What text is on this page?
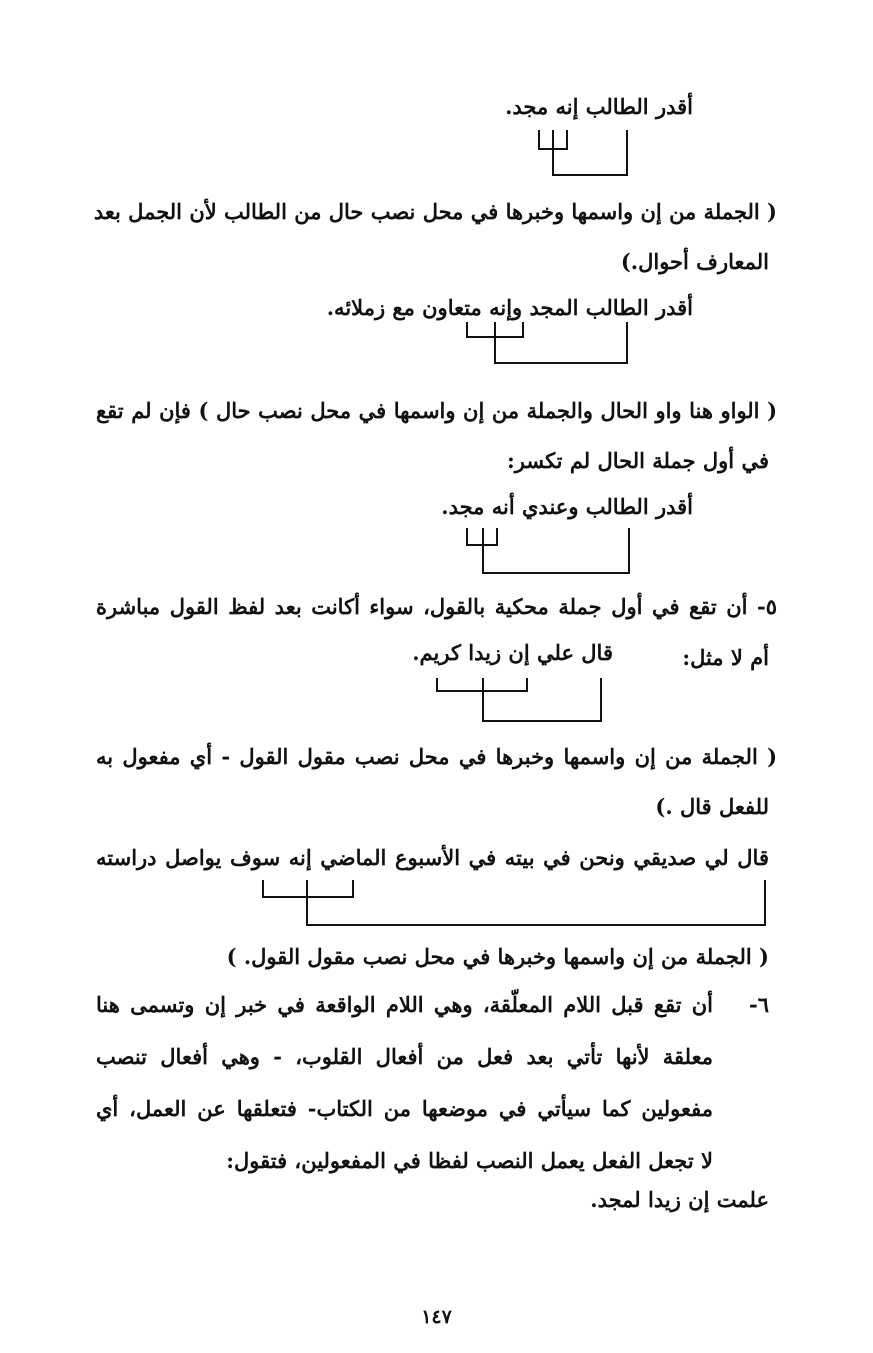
أقدر الطالب إنه مجد.
( الجملة من إن واسمها وخبرها في محل نصب حال من الطالب لأن الجمل بعد
المعارف أحوال.)
أقدر الطالب المجد وإنه متعاون مع زملائه.
( الواو هنا واو الحال والجملة من إن واسمها في محل نصب حال ) فإن لم تقع
في أول جملة الحال لم تكسر:
أقدر الطالب وعندي أنه مجد.
٥- أن تقع في أول جملة محكية بالقول، سواء أكانت بعد لفظ القول مباشرة
أم لا مثل:
قال علي إن زيدا كريم.
( الجملة من إن واسمها وخبرها في محل نصب مقول القول - أي مفعول به
للفعل قال .)
قال لي صديقي ونحن في بيته في الأسبوع الماضي إنه سوف يواصل دراسته
( الجملة من إن واسمها وخبرها في محل نصب مقول القول. )
٦-
أن تقع قبل اللام المعلّقة، وهي اللام الواقعة في خبر إن وتسمى هنا
معلقة لأنها تأتي بعد فعل من أفعال القلوب، - وهي أفعال تنصب
مفعولين كما سيأتي في موضعها من الكتاب- فتعلقها عن العمل، أي
لا تجعل الفعل يعمل النصب لفظا في المفعولين، فتقول:
علمت إن زيدا لمجد.
١٤٧
